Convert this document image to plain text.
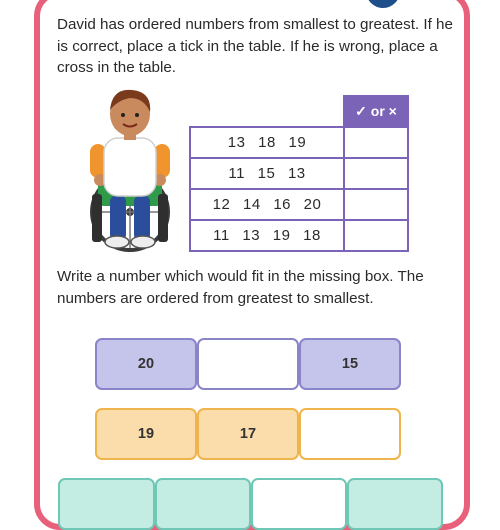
David has ordered numbers from smallest to greatest. If he is correct, place a tick in the table. If he is wrong, place a cross in the table.

	✓ or ×
13 18 19	
11 15 13	
12 14 16 20	
11 13 19 18	

Write a number which would fit in the missing box. The numbers are ordered from greatest to smallest.

20	15
19	17
